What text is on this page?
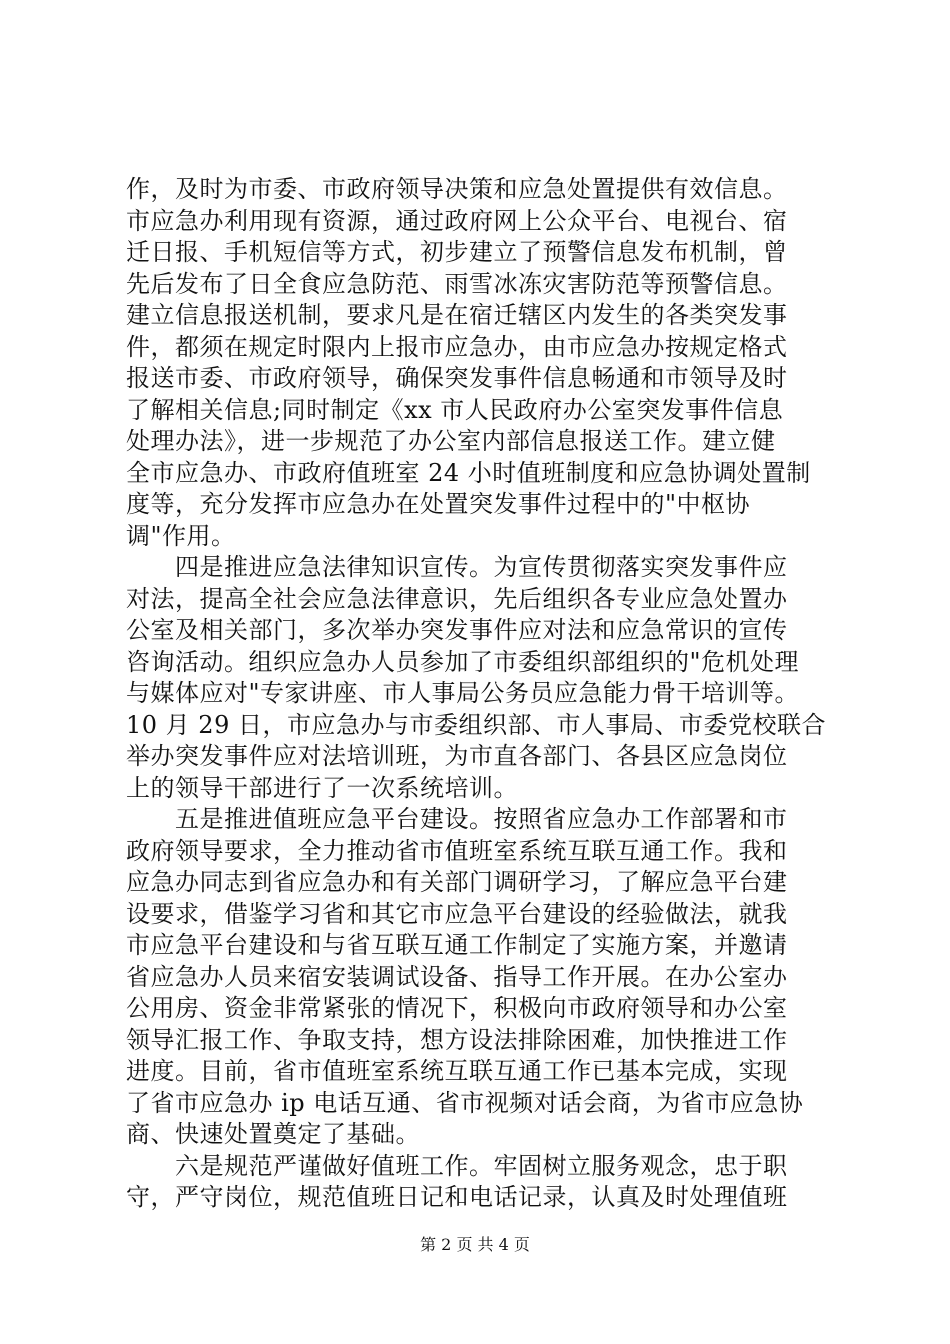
作，及时为市委、市政府领导决策和应急处置提供有效信息。
市应急办利用现有资源，通过政府网上公众平台、电视台、宿
迁日报、手机短信等方式，初步建立了预警信息发布机制，曾
先后发布了日全食应急防范、雨雪冰冻灾害防范等预警信息。
建立信息报送机制，要求凡是在宿迁辖区内发生的各类突发事
件，都须在规定时限内上报市应急办，由市应急办按规定格式
报送市委、市政府领导，确保突发事件信息畅通和市领导及时
了解相关信息;同时制定《xx 市人民政府办公室突发事件信息
处理办法》，进一步规范了办公室内部信息报送工作。建立健
全市应急办、市政府值班室 24 小时值班制度和应急协调处置制
度等，充分发挥市应急办在处置突发事件过程中的"中枢协
调"作用。
　　四是推进应急法律知识宣传。为宣传贯彻落实突发事件应
对法，提高全社会应急法律意识，先后组织各专业应急处置办
公室及相关部门，多次举办突发事件应对法和应急常识的宣传
咨询活动。组织应急办人员参加了市委组织部组织的"危机处理
与媒体应对"专家讲座、市人事局公务员应急能力骨干培训等。
10 月 29 日，市应急办与市委组织部、市人事局、市委党校联合
举办突发事件应对法培训班，为市直各部门、各县区应急岗位
上的领导干部进行了一次系统培训。
　　五是推进值班应急平台建设。按照省应急办工作部署和市
政府领导要求，全力推动省市值班室系统互联互通工作。我和
应急办同志到省应急办和有关部门调研学习，了解应急平台建
设要求，借鉴学习省和其它市应急平台建设的经验做法，就我
市应急平台建设和与省互联互通工作制定了实施方案，并邀请
省应急办人员来宿安装调试设备、指导工作开展。在办公室办
公用房、资金非常紧张的情况下，积极向市政府领导和办公室
领导汇报工作、争取支持，想方设法排除困难，加快推进工作
进度。目前，省市值班室系统互联互通工作已基本完成，实现
了省市应急办 ip 电话互通、省市视频对话会商，为省市应急协
商、快速处置奠定了基础。
　　六是规范严谨做好值班工作。牢固树立服务观念，忠于职
守，严守岗位，规范值班日记和电话记录，认真及时处理值班
第 2 页 共 4 页
